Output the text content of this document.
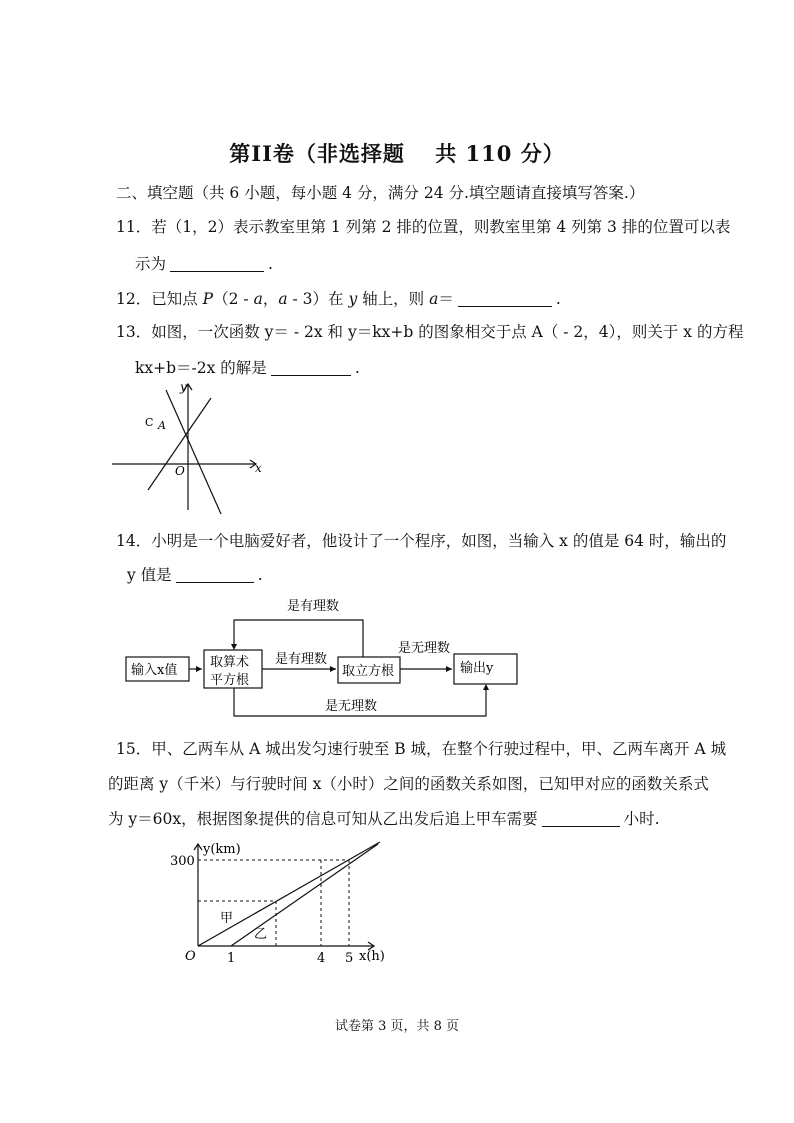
第II卷（非选择题　 共 110 分）
二、填空题（共 6 小题，每小题 4 分，满分 24 分.填空题请直接填写答案.）
11．若（1，2）表示教室里第 1 列第 2 排的位置，则教室里第 4 列第 3 排的位置可以表
示为	.
12．已知点 P（2 - a，a - 3）在 y 轴上，则 a＝	.
13．如图，一次函数 y＝ - 2x 和 y＝kx+b 的图象相交于点 A（ - 2，4），则关于 x 的方程
kx+b＝-2x 的解是	.
y
x
O
A
C
14．小明是一个电脑爱好者，他设计了一个程序，如图，当输入 x 的值是 64 时，输出的
y 值是	.
输入x值
取算术
平方根
取立方根	输出y
是有理数
是有理数
是无理数
是无理数
15．甲、乙两车从 A 城出发匀速行驶至 B 城，在整个行驶过程中，甲、乙两车离开 A 城
的距离 y（千米）与行驶时间 x（小时）之间的函数关系如图，已知甲对应的函数关系式
为 y＝60x，根据图象提供的信息可知从乙出发后追上甲车需要	小时.
y(km)
300
O 1	4 5 x(h)
甲
乙
试卷第 3 页，共 8 页
